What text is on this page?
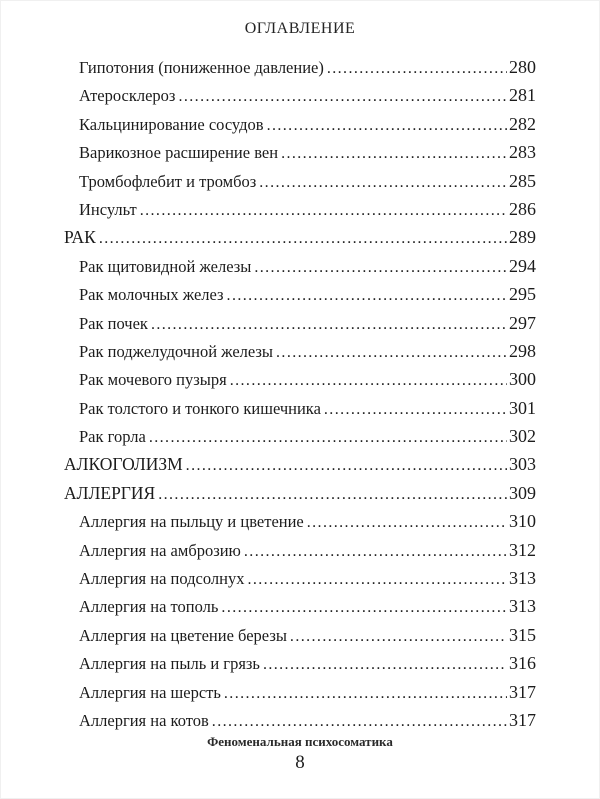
ОГЛАВЛЕНИЕ
Гипотония (пониженное давление) .....	280
Атеросклероз .....	281
Кальцинирование сосудов .....	282
Варикозное расширение вен .....	283
Тромбофлебит и тромбоз .....	285
Инсульт .....	286
РАК .....	289
Рак щитовидной железы .....	294
Рак молочных желез .....	295
Рак почек .....	297
Рак поджелудочной железы .....	298
Рак мочевого пузыря .....	300
Рак толстого и тонкого кишечника .....	301
Рак горла .....	302
АЛКОГОЛИЗМ .....	303
АЛЛЕРГИЯ .....	309
Аллергия на пыльцу и цветение .....	310
Аллергия на амброзию .....	312
Аллергия на подсолнух .....	313
Аллергия на тополь .....	313
Аллергия на цветение березы .....	315
Аллергия на пыль и грязь .....	316
Аллергия на шерсть .....	317
Аллергия на котов .....	317
Феноменальная психосоматика
8
